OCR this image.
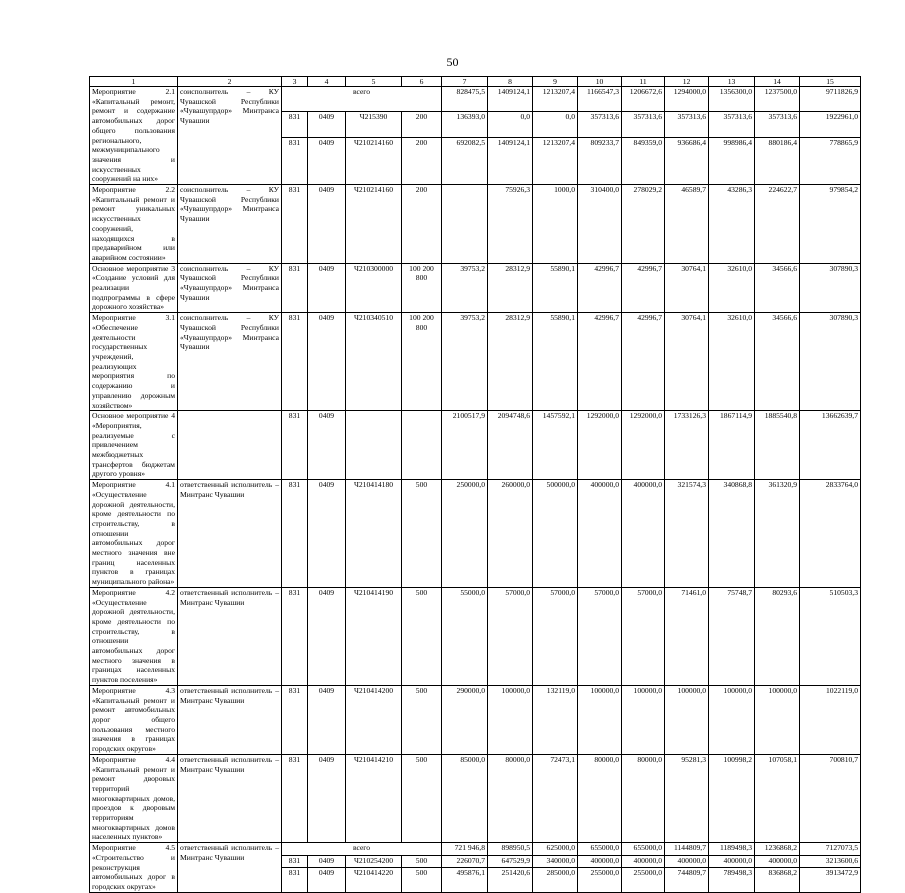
50
1	2	3	4	5	6	7	8	9	10	11	12	13	14	15
Мероприятие 2.1 «Капитальный ремонт, ремонт и содержание автомобильных дорог общего пользования регионального, межмуниципального значения и искусственных сооружений на них»	соисполнитель – КУ Чувашской Республики «Чувашупрдор» Минтранса Чувашии	всего				828475,5	1409124,1	1213207,4	1166547,3	1206672,6	1294000,0	1356300,0	1237500,0	9711826,9
		831	0409	Ч215390	200	136393,0	0,0	0,0	357313,6	357313,6	357313,6	357313,6	357313,6	1922961,0
		831	0409	Ч210214160	200	692082,5	1409124,1	1213207,4	809233,7	849359,0	936686,4	998986,4	880186,4	778865,9
Мероприятие 2.2 «Капитальный ремонт и ремонт уникальных искусственных сооружений, находящихся в предаварийном или аварийном состоянии»	соисполнитель – КУ Чувашской Республики «Чувашупрдор» Минтранса Чувашии	831	0409	Ч210214160	200		75926,3	1000,0	310400,0	278029,2	46589,7	43286,3	224622,7	979854,2
Основное мероприятие 3 «Создание условий для реализации подпрограммы в сфере дорожного хозяйства»	соисполнитель – КУ Чувашской Республики «Чувашупрдор» Минтранса Чувашии	831	0409	Ч210300000	100 200 800	39753,2	28312,9	55890,1	42996,7	42996,7	30764,1	32610,0	34566,6	307890,3
Мероприятие 3.1 «Обеспечение деятельности государственных учреждений, реализующих мероприятия по содержанию и управлению дорожным хозяйством»	соисполнитель – КУ Чувашской Республики «Чувашупрдор» Минтранса Чувашии	831	0409	Ч210340510	100 200 800	39753,2	28312,9	55890,1	42996,7	42996,7	30764,1	32610,0	34566,6	307890,3
Основное мероприятие 4 «Мероприятия, реализуемые с привлечением межбюджетных трансфертов бюджетам другого уровня»		831	0409			2100517,9	2094748,6	1457592,1	1292000,0	1292000,0	1733126,3	1867114,9	1885540,8	13662639,7
Мероприятие 4.1 «Осуществление дорожной деятельности, кроме деятельности по строительству, в отношении автомобильных дорог местного значения вне границ населенных пунктов в границах муниципального района»	ответственный исполнитель – Минтранс Чувашии	831	0409	Ч210414180	500	250000,0	260000,0	500000,0	400000,0	400000,0	321574,3	340868,8	361320,9	2833764,0
Мероприятие 4.2 «Осуществление дорожной деятельности, кроме деятельности по строительству, в отношении автомобильных дорог местного значения в границах населенных пунктов поселения»	ответственный исполнитель – Минтранс Чувашии	831	0409	Ч210414190	500	55000,0	57000,0	57000,0	57000,0	57000,0	71461,0	75748,7	80293,6	510503,3
Мероприятие 4.3 «Капитальный ремонт и ремонт автомобильных дорог общего пользования местного значения в границах городских округов»	ответственный исполнитель – Минтранс Чувашии	831	0409	Ч210414200	500	290000,0	100000,0	132119,0	100000,0	100000,0	100000,0	100000,0	100000,0	1022119,0
Мероприятие 4.4 «Капитальный ремонт и ремонт дворовых территорий многоквартирных домов, проездов к дворовым территориям многоквартирных домов населенных пунктов»	ответственный исполнитель – Минтранс Чувашии	831	0409	Ч210414210	500	85000,0	80000,0	72473,1	80000,0	80000,0	95281,3	100998,2	107058,1	700810,7
Мероприятие 4.5 «Строительство и реконструкция автомобильных дорог в городских округах»	ответственный исполнитель – Минтранс Чувашии	всего				721 946,8	898950,5	625000,0	655000,0	655000,0	1144809,7	1189498,3	1236868,2	7127073,5
		831	0409	Ч210254200	500	226070,7	647529,9	340000,0	400000,0	400000,0	400000,0	400000,0	400000,0	3213600,6
		831	0409	Ч210414220	500	495876,1	251420,6	285000,0	255000,0	255000,0	744809,7	789498,3	836868,2	3913472,9
